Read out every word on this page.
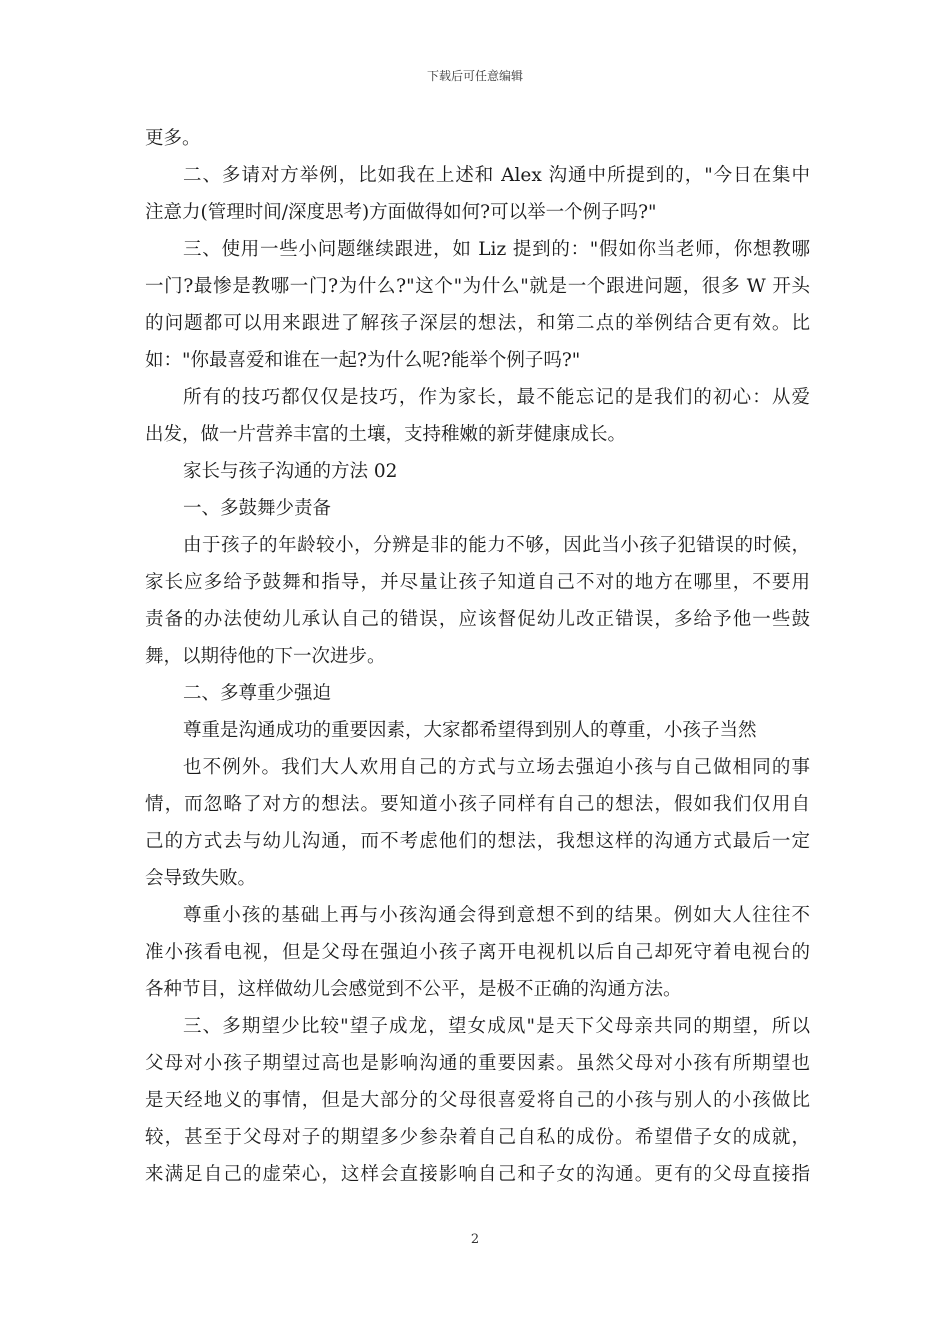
下载后可任意编辑
更多。
二、多请对方举例，比如我在上述和 Alex 沟通中所提到的，"今日在集中
注意力(管理时间/深度思考)方面做得如何?可以举一个例子吗?"
三、使用一些小问题继续跟进，如 Liz 提到的："假如你当老师，你想教哪
一门?最惨是教哪一门?为什么?"这个"为什么"就是一个跟进问题，很多 W 开头
的问题都可以用来跟进了解孩子深层的想法，和第二点的举例结合更有效。比
如："你最喜爱和谁在一起?为什么呢?能举个例子吗?"
所有的技巧都仅仅是技巧，作为家长，最不能忘记的是我们的初心：从爱
出发，做一片营养丰富的土壤，支持稚嫩的新芽健康成长。
家长与孩子沟通的方法 02
一、多鼓舞少责备
由于孩子的年龄较小，分辨是非的能力不够，因此当小孩子犯错误的时候，
家长应多给予鼓舞和指导，并尽量让孩子知道自己不对的地方在哪里，不要用
责备的办法使幼儿承认自己的错误，应该督促幼儿改正错误，多给予他一些鼓
舞，以期待他的下一次进步。
二、多尊重少强迫
尊重是沟通成功的重要因素，大家都希望得到别人的尊重，小孩子当然
也不例外。我们大人欢用自己的方式与立场去强迫小孩与自己做相同的事
情，而忽略了对方的想法。要知道小孩子同样有自己的想法，假如我们仅用自
己的方式去与幼儿沟通，而不考虑他们的想法，我想这样的沟通方式最后一定
会导致失败。
尊重小孩的基础上再与小孩沟通会得到意想不到的结果。例如大人往往不
准小孩看电视，但是父母在强迫小孩子离开电视机以后自己却死守着电视台的
各种节目，这样做幼儿会感觉到不公平，是极不正确的沟通方法。
三、多期望少比较"望子成龙，望女成凤"是天下父母亲共同的期望，所以
父母对小孩子期望过高也是影响沟通的重要因素。虽然父母对小孩有所期望也
是天经地义的事情，但是大部分的父母很喜爱将自己的小孩与别人的小孩做比
较，甚至于父母对子的期望多少参杂着自己自私的成份。希望借子女的成就，
来满足自己的虚荣心，这样会直接影响自己和子女的沟通。更有的父母直接指
2
